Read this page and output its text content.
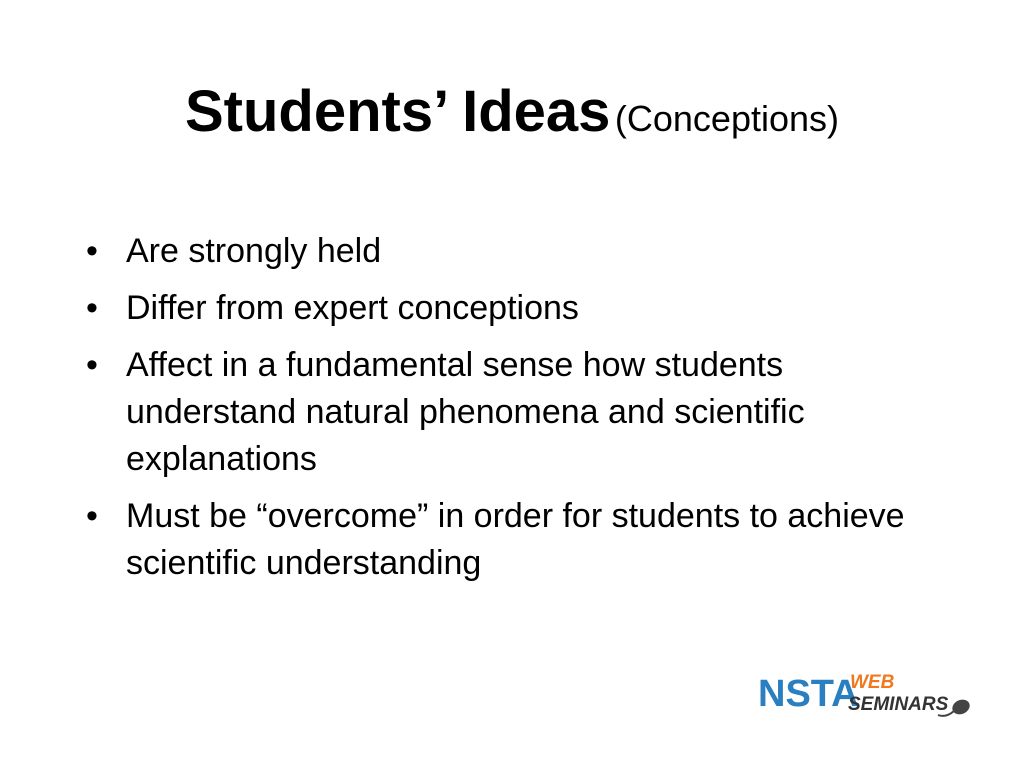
Students’ Ideas (Conceptions)
• Are strongly held
• Differ from expert conceptions
• Affect in a fundamental sense how students understand natural phenomena and scientific explanations
• Must be “overcome” in order for students to achieve scientific understanding
NSTA
WEB
SEMINARS
